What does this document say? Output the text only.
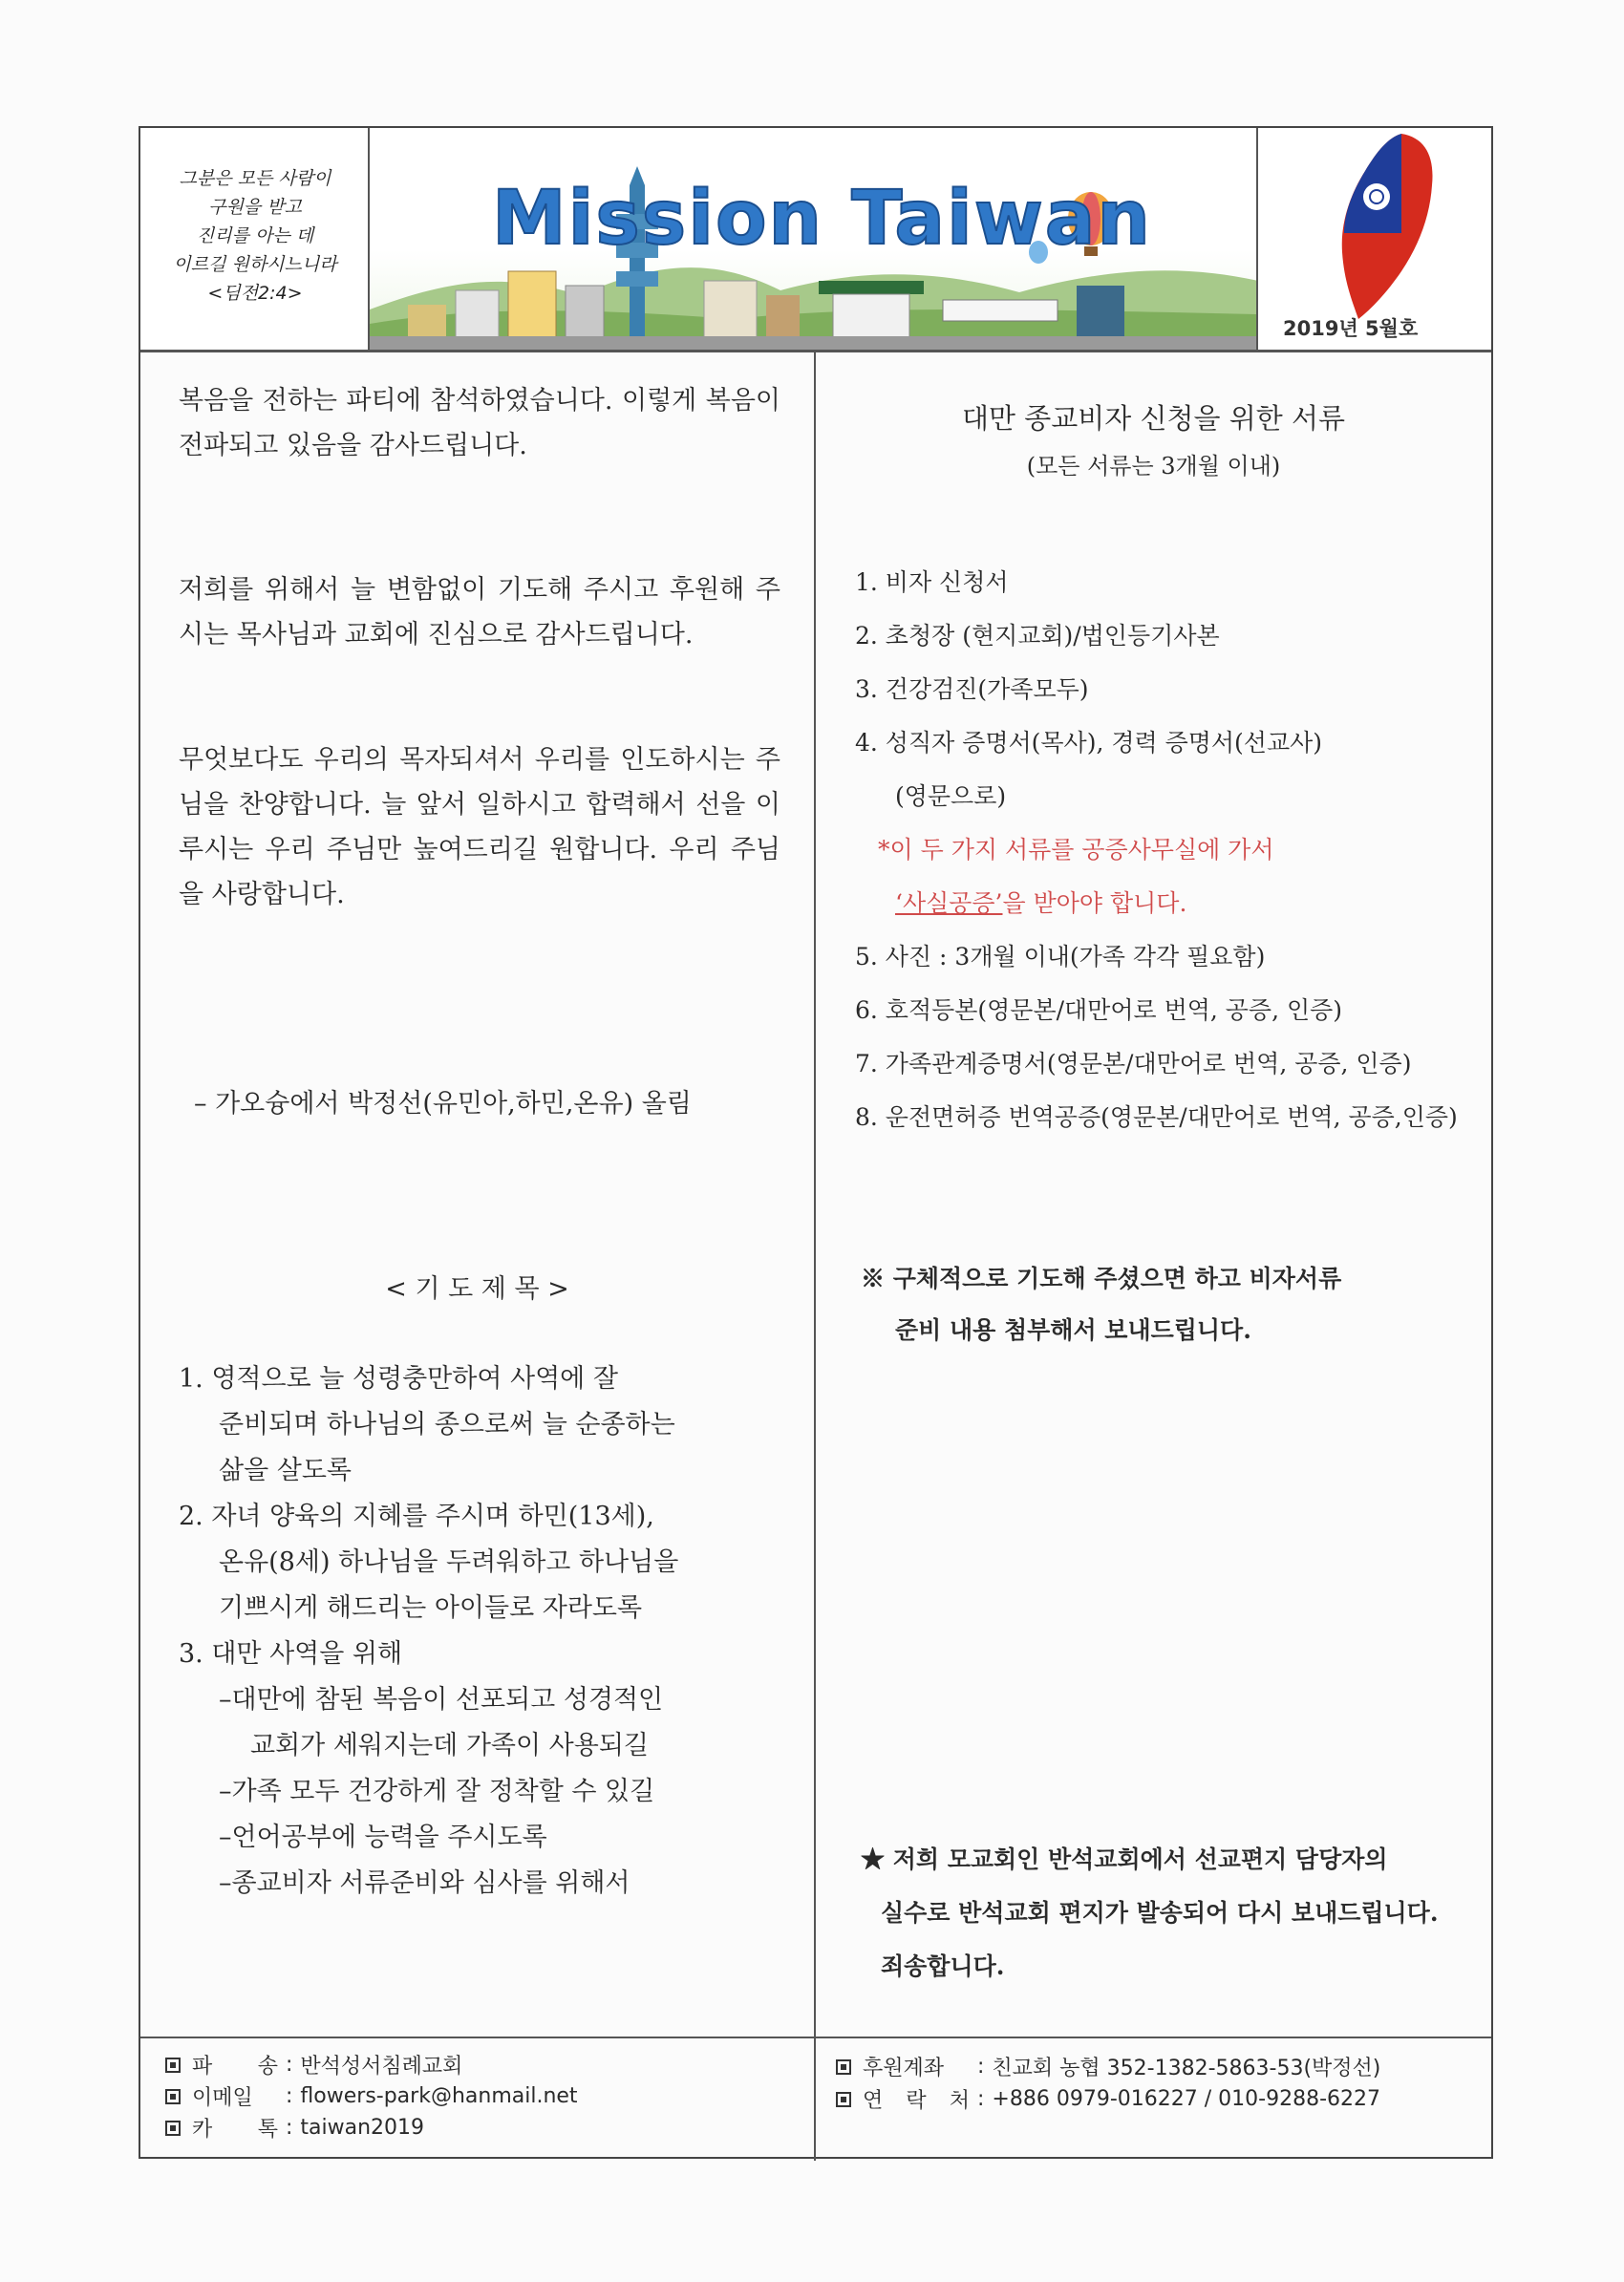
그분은 모든 사람이
구원을 받고
진리를 아는 데
이르길 원하시느니라
<딤전2:4>
Mission Taiwan
2019년 5월호

복음을 전하는 파티에 참석하였습니다. 이렇게 복음이 전파되고 있음을 감사드립니다.

저희를 위해서 늘 변함없이 기도해 주시고 후원해 주시는 목사님과 교회에 진심으로 감사드립니다.

무엇보다도 우리의 목자되셔서 우리를 인도하시는 주님을 찬양합니다. 늘 앞서 일하시고 합력해서 선을 이루시는 우리 주님만 높여드리길 원합니다. 우리 주님을 사랑합니다.

– 가오슝에서 박정선(유민아,하민,온유) 올림

< 기 도 제 목 >

1. 영적으로 늘 성령충만하여 사역에 잘
준비되며 하나님의 종으로써 늘 순종하는
삶을 살도록
2. 자녀 양육의 지혜를 주시며 하민(13세),
온유(8세) 하나님을 두려워하고 하나님을
기쁘시게 해드리는 아이들로 자라도록
3. 대만 사역을 위해
–대만에 참된 복음이 선포되고 성경적인
교회가 세워지는데 가족이 사용되길
–가족 모두 건강하게 잘 정착할 수 있길
–언어공부에 능력을 주시도록
–종교비자 서류준비와 심사를 위해서
대만 종교비자 신청을 위한 서류
(모든 서류는 3개월 이내)
1. 비자 신청서
2. 초청장 (현지교회)/법인등기사본
3. 건강검진(가족모두)
4. 성직자 증명서(목사), 경력 증명서(선교사)
(영문으로)
*이 두 가지 서류를 공증사무실에 가서
‘사실공증’을 받아야 합니다.
5. 사진 : 3개월 이내(가족 각각 필요함)
6. 호적등본(영문본/대만어로 번역, 공증, 인증)
7. 가족관계증명서(영문본/대만어로 번역, 공증, 인증)
8. 운전면허증 번역공증(영문본/대만어로 번역, 공증,인증)
※ 구체적으로 기도해 주셨으면 하고 비자서류
준비 내용 첨부해서 보내드립니다.
★ 저희 모교회인 반석교회에서 선교편지 담당자의
실수로 반석교회 편지가 발송되어 다시 보내드립니다.
죄송합니다.
파 송 : 반석성서침례교회
이메일	: flowers-park@hanmail.net
카 톡 : taiwan2019
후원계좌	: 친교회 농협 352-1382-5863-53(박정선)
연 락 처 : +886 0979-016227 / 010-9288-6227
